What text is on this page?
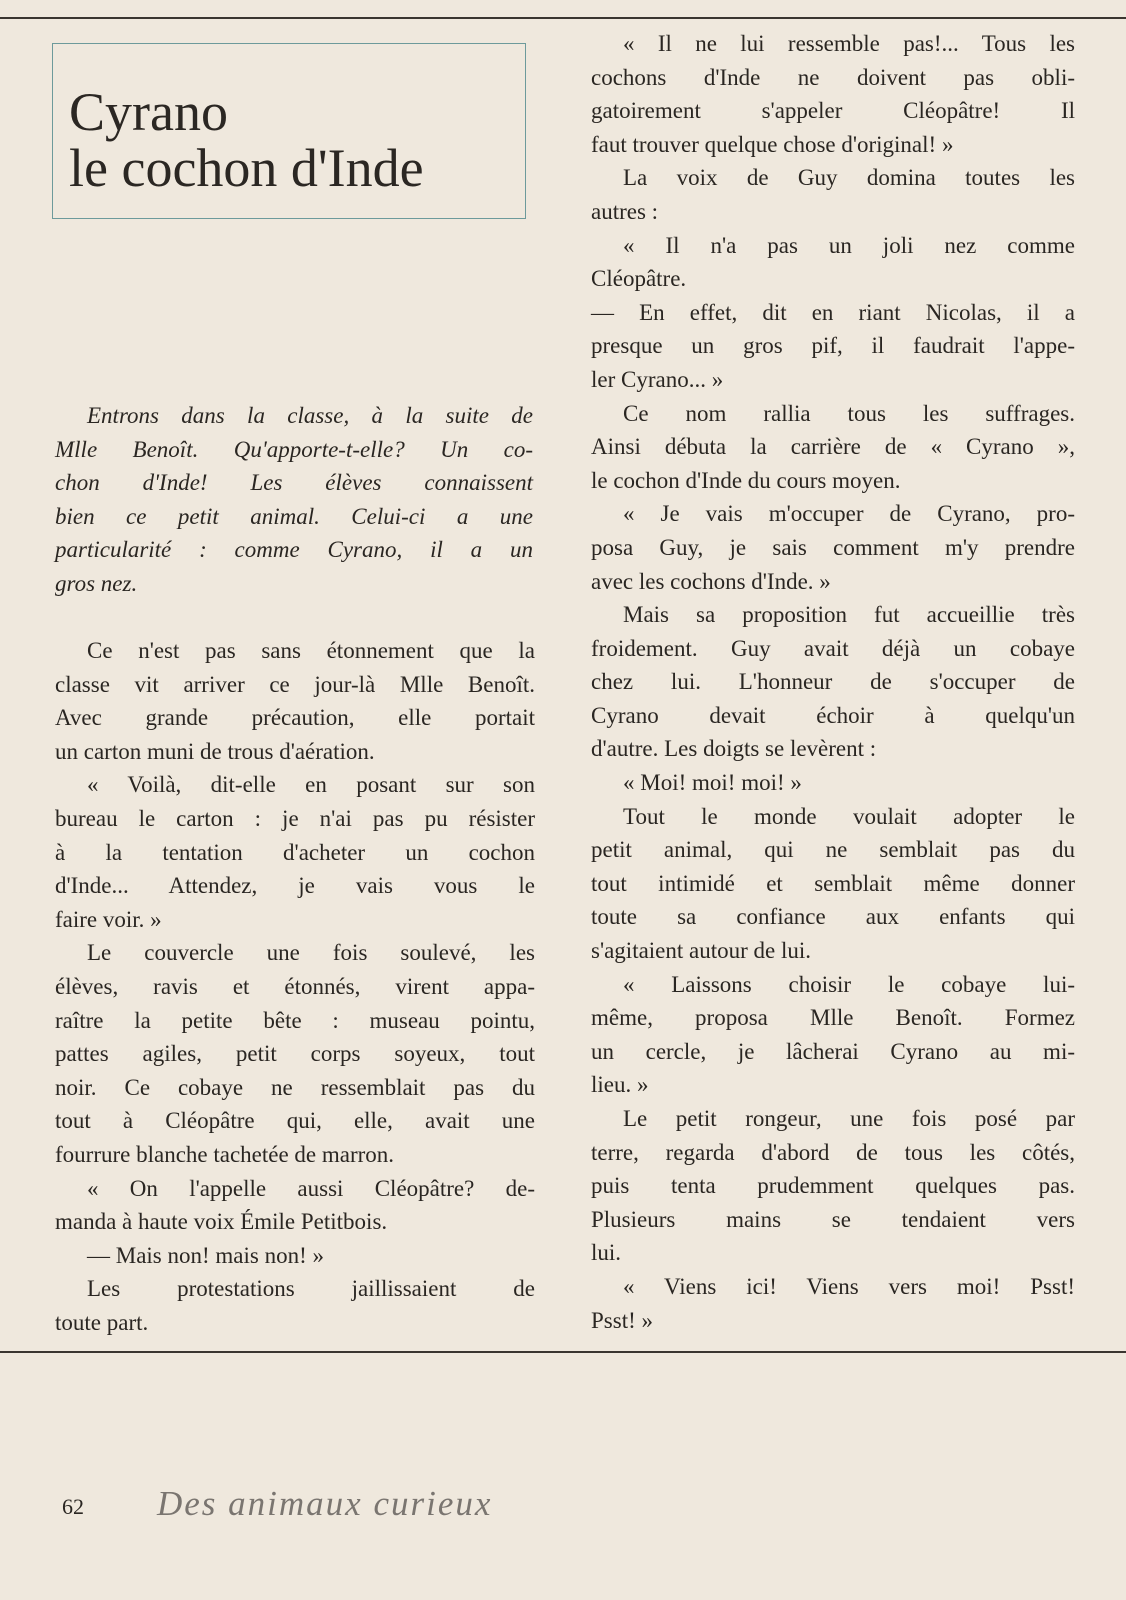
Cyrano
le cochon d'Inde
Entrons dans la classe, à la suite de
Mlle Benoît. Qu'apporte-t-elle? Un co-
chon d'Inde! Les élèves connaissent
bien ce petit animal. Celui-ci a une
particularité : comme Cyrano, il a un
gros nez.
Ce n'est pas sans étonnement que la
classe vit arriver ce jour-là Mlle Benoît.
Avec grande précaution, elle portait
un carton muni de trous d'aération.
« Voilà, dit-elle en posant sur son
bureau le carton : je n'ai pas pu résister
à la tentation d'acheter un cochon
d'Inde... Attendez, je vais vous le
faire voir. »
Le couvercle une fois soulevé, les
élèves, ravis et étonnés, virent appa-
raître la petite bête : museau pointu,
pattes agiles, petit corps soyeux, tout
noir. Ce cobaye ne ressemblait pas du
tout à Cléopâtre qui, elle, avait une
fourrure blanche tachetée de marron.
« On l'appelle aussi Cléopâtre? de-
manda à haute voix Émile Petitbois.
— Mais non! mais non! »
Les protestations jaillissaient de
toute part.
« Il ne lui ressemble pas!... Tous les
cochons d'Inde ne doivent pas obli-
gatoirement s'appeler Cléopâtre! Il
faut trouver quelque chose d'original! »
La voix de Guy domina toutes les
autres :
« Il n'a pas un joli nez comme
Cléopâtre.
— En effet, dit en riant Nicolas, il a
presque un gros pif, il faudrait l'appe-
ler Cyrano... »
Ce nom rallia tous les suffrages.
Ainsi débuta la carrière de « Cyrano »,
le cochon d'Inde du cours moyen.
« Je vais m'occuper de Cyrano, pro-
posa Guy, je sais comment m'y prendre
avec les cochons d'Inde. »
Mais sa proposition fut accueillie très
froidement. Guy avait déjà un cobaye
chez lui. L'honneur de s'occuper de
Cyrano devait échoir à quelqu'un
d'autre. Les doigts se levèrent :
« Moi! moi! moi! »
Tout le monde voulait adopter le
petit animal, qui ne semblait pas du
tout intimidé et semblait même donner
toute sa confiance aux enfants qui
s'agitaient autour de lui.
« Laissons choisir le cobaye lui-
même, proposa Mlle Benoît. Formez
un cercle, je lâcherai Cyrano au mi-
lieu. »
Le petit rongeur, une fois posé par
terre, regarda d'abord de tous les côtés,
puis tenta prudemment quelques pas.
Plusieurs mains se tendaient vers
lui.
« Viens ici! Viens vers moi! Psst!
Psst! »
62 Des animaux curieux
